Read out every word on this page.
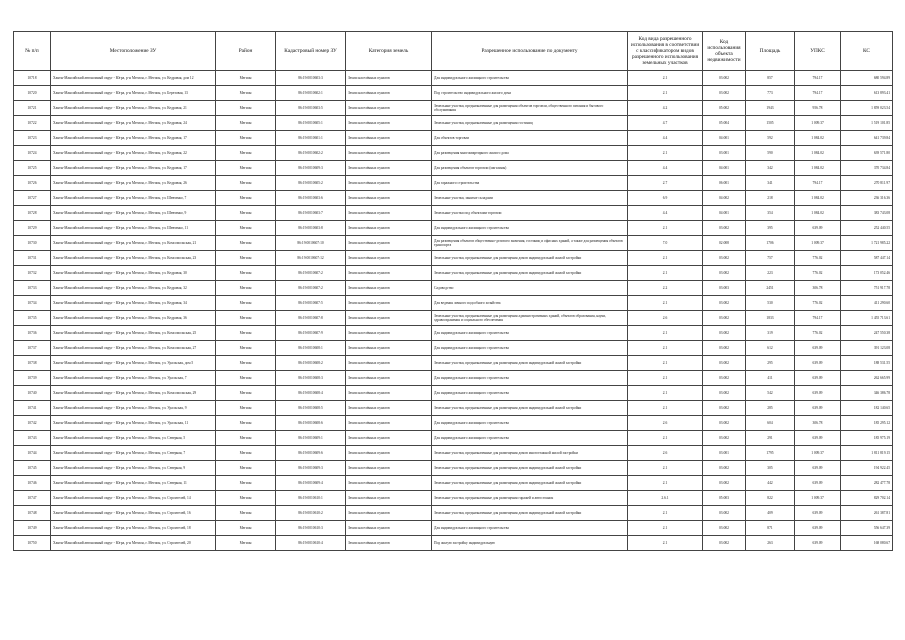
№ п/п	Местоположение ЗУ	Район	Кадастровый номер ЗУ	Категория земель	Разрешенное использование по документу	Код вида разрешенного использования в соответствии с классификатором видов разрешенного использования земельных участков	Код использования объекта недвижимости	Площадь	УПКС	КС
10718	Ханты-Мансийский автономный округ - Югра, р-н Мегион, г. Мегион, ул. Кедровая, дом 12	Мегион	86:19:0010603:3	Земли населённых пунктов	Для индивидуального жилищного строительства	2.1	03:002	857	794.17	680 594.89
10720	Ханты-Мансийский автономный округ - Югра, р-н Мегион, г. Мегион, ул. Березовая, 13	Мегион	86:19:0010602:1	Земли населённых пунктов	Под строительство индивидуального жилого дома	2.1	03:002	773	794.17	613 893.41
10721	Ханты-Мансийский автономный округ - Югра, р-н Мегион, г. Мегион, ул. Кедровая, 21	Мегион	86:19:0010603:5	Земли населённых пунктов	Земельные участки, предназначенные для размещения объектов торговли, общественного питания и бытового обслуживания	4.2	05:002	1943	956.78	1 859 023.54
10722	Ханты-Мансийский автономный округ - Югра, р-н Мегион, г. Мегион, ул. Кедровая, 24	Мегион	86:19:0010605:1	Земли населённых пунктов	Земельные участки, предназначенные для размещения гостиниц	4.7	05:004	1505	1 009.37	1 519 101.85
10723	Ханты-Мансийский автономный округ - Югра, р-н Мегион, г. Мегион, ул. Кедровая, 17	Мегион	86:19:0010601:1	Земли населённых пунктов	Для объектов торговли	4.4	04:001	592	1 084.02	641 739.84
10724	Ханты-Мансийский автономный округ - Югра, р-н Мегион, г. Мегион, ул. Кедровая, 22	Мегион	86:19:0010602:2	Земли населённых пунктов	Для размещения многоквартирного жилого дома	2.1	03:001	590	1 084.02	639 571.80
10725	Ханты-Мансийский автономный округ - Югра, р-н Мегион, г. Мегион, ул. Кедровая, 17	Мегион	86:19:0010609:3	Земли населённых пунктов	Для размещения объектов торговли (магазины)	4.4	04:001	342	1 084.02	370 734.84
10726	Ханты-Мансийский автономный округ - Югра, р-н Мегион, г. Мегион, ул. Кедровая, 26	Мегион	86:19:0010605:2	Земли населённых пунктов	Для гаражного строительства	2.7	06:001	341	794.17	270 811.97
10727	Ханты-Мансийский автономный округ - Югра, р-н Мегион, г. Мегион, ул. Шевченко, 7	Мегион	86:19:0010603:6	Земли населённых пунктов	Земельные участки, занятые складами	6.9	04:002	218	1 084.02	236 316.36
10728	Ханты-Мансийский автономный округ - Югра, р-н Мегион, г. Мегион, ул. Шевченко, 9	Мегион	86:19:0010603:7	Земли населённых пунктов	Земельные участки под объектами торговли	4.4	04:001	354	1 084.02	383 743.08
10729	Ханты-Мансийский автономный округ - Югра, р-н Мегион, г. Мегион, ул. Шевченко, 11	Мегион	86:19:0010603:8	Земли населённых пунктов	Для индивидуального жилищного строительства	2.1	03:002	395	639.09	252 440.55
10730	Ханты-Мансийский автономный округ - Югра, р-н Мегион, г. Мегион, ул. Комсомольская, 21	Мегион	86:19:0010607:10	Земли населённых пунктов	Для размещения объектов общественно-делового значения, гостиниц и офисных зданий, а также для размещения объектов транспорта	7.0	02:008	1706	1 009.37	1 721 985.22
10731	Ханты-Мансийский автономный округ - Югра, р-н Мегион, г. Мегион, ул. Комсомольская, 23	Мегион	86:19:0010607:12	Земли населённых пунктов	Земельные участки, предназначенные для размещения домов индивидуальной жилой застройки	2.1	03:002	757	776.02	587 447.14
10732	Ханты-Мансийский автономный округ - Югра, р-н Мегион, г. Мегион, ул. Кедровая, 30	Мегион	86:19:0010607:2	Земли населённых пунктов	Земельные участки, предназначенные для размещения домов индивидуальной жилой застройки	2.1	03:002	223	776.02	173 052.46
10733	Ханты-Мансийский автономный округ - Югра, р-н Мегион, г. Мегион, ул. Кедровая, 32	Мегион	86:19:0010607:2	Земли населённых пунктов	Садоводство	2.2	03:003	2451	306.78	751 917.78
10734	Ханты-Мансийский автономный округ - Югра, р-н Мегион, г. Мегион, ул. Кедровая, 34	Мегион	86:19:0010607:5	Земли населённых пунктов	Для ведения личного подсобного хозяйства	2.1	03:002	530	776.02	411 290.60
10735	Ханты-Мансийский автономный округ - Югра, р-н Мегион, г. Мегион, ул. Кедровая, 36	Мегион	86:19:0010607:8	Земли населённых пунктов	Земельные участки, предназначенные для размещения административных зданий, объектов образования, науки, здравоохранения и социального обеспечения	2.6	03:002	1833	794.17	1 455 713.61
10736	Ханты-Мансийский автономный округ - Югра, р-н Мегион, г. Мегион, ул. Комсомольская, 25	Мегион	86:19:0010607:9	Земли населённых пунктов	Для индивидуального жилищного строительства	2.1	03:002	319	776.02	247 550.38
10737	Ханты-Мансийский автономный округ - Югра, р-н Мегион, г. Мегион, ул. Комсомольская, 27	Мегион	86:19:0010608:1	Земли населённых пунктов	Для индивидуального жилищного строительства	2.1	03:002	612	639.09	391 123.08
10738	Ханты-Мансийский автономный округ - Югра, р-н Мегион, г. Мегион, ул. Уральская, дом 5	Мегион	86:19:0010608:2	Земли населённых пунктов	Земельные участки, предназначенные для размещения домов индивидуальной жилой застройки	2.1	03:002	295	639.09	188 531.55
10739	Ханты-Мансийский автономный округ - Югра, р-н Мегион, г. Мегион, ул. Уральская, 7	Мегион	86:19:0010608:3	Земли населённых пунктов	Для индивидуального жилищного строительства	2.1	03:002	411	639.09	262 665.99
10740	Ханты-Мансийский автономный округ - Югра, р-н Мегион, г. Мегион, ул. Комсомольская, 29	Мегион	86:19:0010608:4	Земли населённых пунктов	Для индивидуального жилищного строительства	2.1	03:002	542	639.09	346 386.78
10741	Ханты-Мансийский автономный округ - Югра, р-н Мегион, г. Мегион, ул. Уральская, 9	Мегион	86:19:0010608:5	Земли населённых пунктов	Земельные участки, предназначенные для размещения домов индивидуальной жилой застройки	2.1	03:002	285	639.09	182 140.65
10742	Ханты-Мансийский автономный округ - Югра, р-н Мегион, г. Мегион, ул. Уральская, 11	Мегион	86:19:0010608:6	Земли населённых пунктов	Для индивидуального жилищного строительства	2.6	03:002	604	306.78	185 295.12
10743	Ханты-Мансийский автономный округ - Югра, р-н Мегион, г. Мегион, ул. Северная, 5	Мегион	86:19:0010609:1	Земли населённых пунктов	Для индивидуального жилищного строительства	2.1	03:002	291	639.09	185 975.19
10744	Ханты-Мансийский автономный округ - Югра, р-н Мегион, г. Мегион, ул. Северная, 7	Мегион	86:19:0010609:6	Земли населённых пунктов	Земельные участки, предназначенные для размещения домов многоэтажной жилой застройки	2.6	03:001	1795	1 009.37	1 811 819.15
10745	Ханты-Мансийский автономный округ - Югра, р-н Мегион, г. Мегион, ул. Северная, 9	Мегион	86:19:0010609:3	Земли населённых пунктов	Земельные участки, предназначенные для размещения домов индивидуальной жилой застройки	2.1	03:002	305	639.09	194 922.45
10746	Ханты-Мансийский автономный округ - Югра, р-н Мегион, г. Мегион, ул. Северная, 11	Мегион	86:19:0010609:4	Земли населённых пунктов	Земельные участки, предназначенные для размещения домов индивидуальной жилой застройки	2.1	03:002	442	639.09	282 477.78
10747	Ханты-Мансийский автономный округ - Югра, р-н Мегион, г. Мегион, ул. Строителей, 14	Мегион	86:19:0010610:1	Земли населённых пунктов	Земельные участки, предназначенные для размещения гаражей и автостоянок	2.6.1	05:003	822	1 009.37	829 702.14
10748	Ханты-Мансийский автономный округ - Югра, р-н Мегион, г. Мегион, ул. Строителей, 16	Мегион	86:19:0010610:2	Земли населённых пунктов	Земельные участки, предназначенные для размещения домов индивидуальной жилой застройки	2.1	03:002	409	639.09	261 387.81
10749	Ханты-Мансийский автономный округ - Югра, р-н Мегион, г. Мегион, ул. Строителей, 18	Мегион	86:19:0010610:3	Земли населённых пунктов	Для индивидуального жилищного строительства	2.1	03:002	871	639.09	556 647.39
10750	Ханты-Мансийский автономный округ - Югра, р-н Мегион, г. Мегион, ул. Строителей, 20	Мегион	86:19:0010610:4	Земли населённых пунктов	Под жилую застройку индивидуальную	2.1	03:002	263	639.09	168 080.67
